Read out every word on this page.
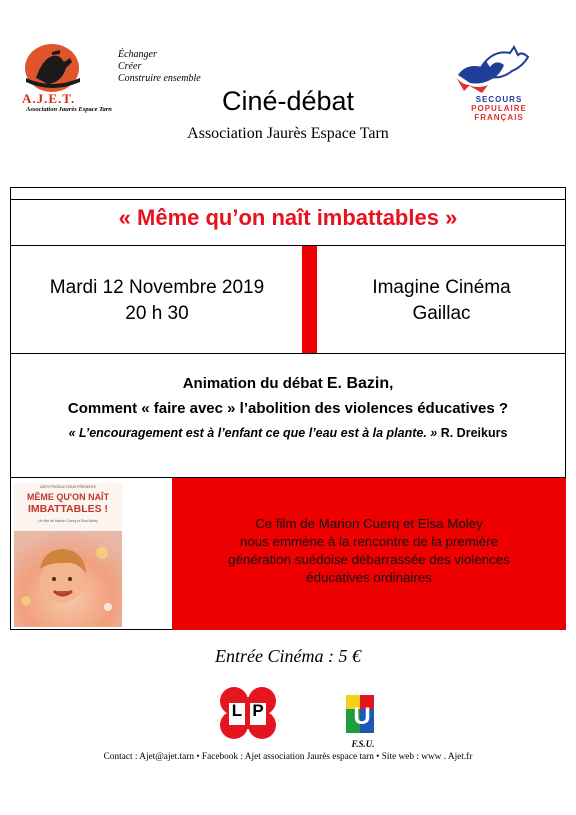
Échanger
Créer
Construire ensemble
A.J.E.T.
Association Jaurès Espace Tarn
SECOURS
POPULAIRE
FRANÇAIS
Ciné-débat
Association Jaurès Espace Tarn
« Même qu’on naît imbattables »
Mardi 12 Novembre 2019
20 h 30
Imagine Cinéma
Gaillac
Animation du débat E. Bazin,
Comment « faire avec » l’abolition des violences éducatives ?
« L’encouragement est à l’enfant ce que l’eau est à la plante. » R. Dreikurs
ZAFO PRODUCTIONS PRÉSENTE
MÊME QU'ON NAÎT
IMBATTABLES !
Un film de Marion Cuerq et Elsa Moley	Ce film de Marion Cuerq et Elsa Moley
nous emmène à la rencontre de la première
génération suédoise débarrassée des violences
éducatives ordinaires
Entrée Cinéma : 5 €
L P	U
F.S.U.
Contact : Ajet@ajet.tarn • Facebook : Ajet association Jaurès espace tarn • Site web : www . Ajet.fr
